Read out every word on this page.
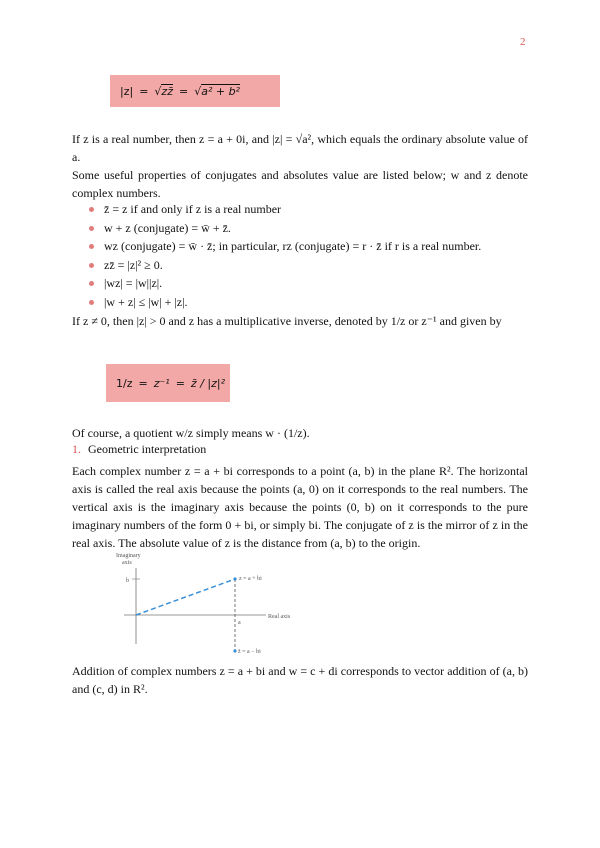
2
|z| = √ zz̄ = √ a² + b²
If z is a real number, then z = a + 0i, and |z| = √a², which equals the ordinary absolute value of a.
Some useful properties of conjugates and absolutes value are listed below; w and z denote complex numbers.
z̄ = z if and only if z is a real number
w + z (conjugate) = w̄ + z̄.
wz (conjugate) = w̄ · z̄; in particular, rz (conjugate) = r · z̄ if r is a real number.
zz̄ = |z|² ≥ 0.
|wz| = |w||z|.
|w + z| ≤ |w| + |z|.
If z ≠ 0, then |z| > 0 and z has a multiplicative inverse, denoted by 1/z or z⁻¹ and given by
1/z = z⁻¹ = z̄ / |z|²
Of course, a quotient w/z simply means w · (1/z).
1. Geometric interpretation
Each complex number z = a + bi corresponds to a point (a, b) in the plane R². The horizontal axis is called the real axis because the points (a, 0) on it corresponds to the real numbers. The vertical axis is the imaginary axis because the points (0, b) on it corresponds to the pure imaginary numbers of the form 0 + bi, or simply bi. The conjugate of z is the mirror of z in the real axis. The absolute value of z is the distance from (a, b) to the origin.
Imaginary
axis
Real axis
b	z = a + bi
a
z̄ = a − bi
Addition of complex numbers z = a + bi and w = c + di corresponds to vector addition of (a, b) and (c, d) in R².
